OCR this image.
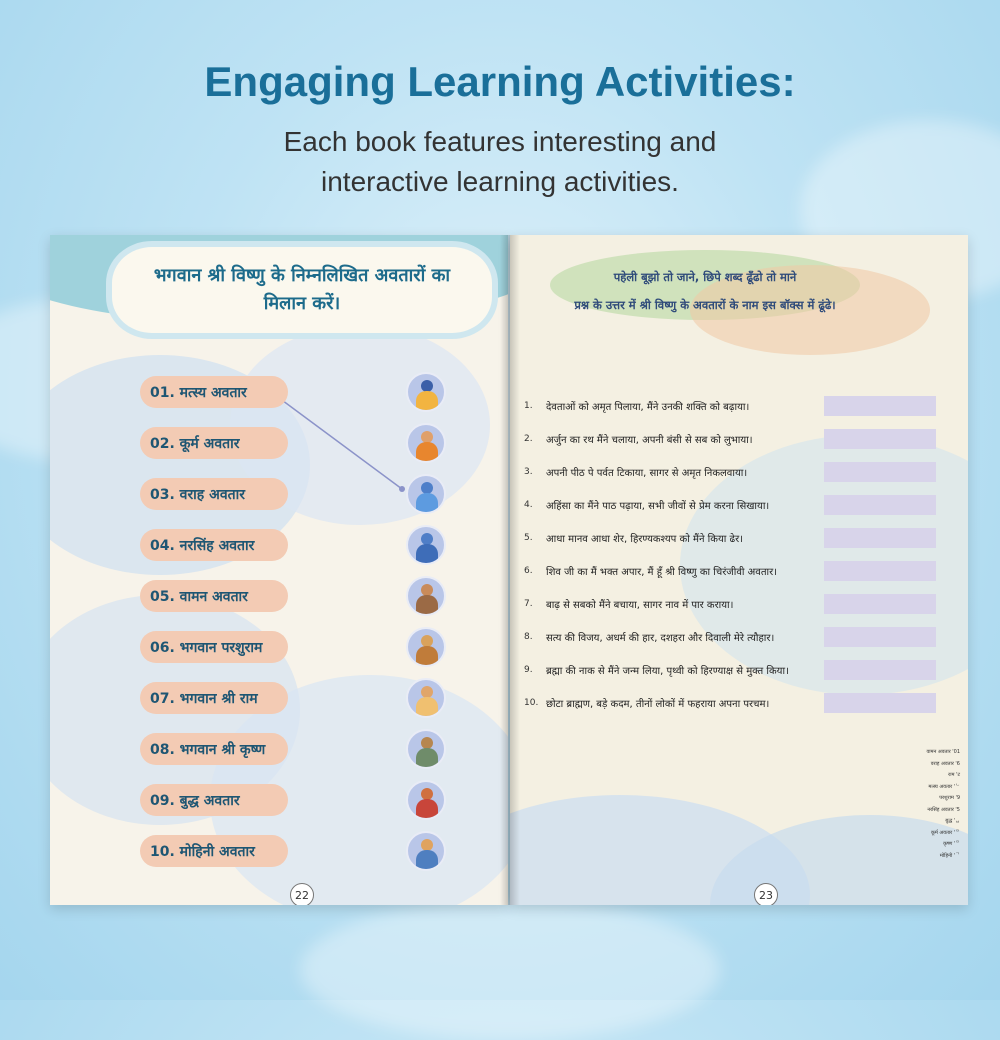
Engaging Learning Activities:
Each book features interesting and
interactive learning activities.
भगवान श्री विष्णु के निम्नलिखित अवतारों का
मिलान करें।
01. मत्स्य अवतार
02. कूर्म अवतार
03. वराह अवतार
04. नरसिंह अवतार
05. वामन अवतार
06. भगवान परशुराम
07. भगवान श्री राम
08. भगवान श्री कृष्ण
09. बुद्ध अवतार
10. मोहिनी अवतार
22
पहेली बूझो तो जाने, छिपे शब्द ढूँढो तो माने
प्रश्न के उत्तर में श्री विष्णु के अवतारों के नाम इस बॉक्स में ढूंढे।
1.	देवताओं को अमृत पिलाया, मैंने उनकी शक्ति को बढ़ाया।
2.	अर्जुन का रथ मैंने चलाया, अपनी बंसी से सब को लुभाया।
3.	अपनी पीठ पे पर्वत टिकाया, सागर से अमृत निकलवाया।
4.	अहिंसा का मैंने पाठ पढ़ाया, सभी जीवों से प्रेम करना सिखाया।
5.	आधा मानव आधा शेर, हिरण्यकश्यप को मैंने किया ढेर।
6.	शिव जी का मैं भक्त अपार, मैं हूँ श्री विष्णु का चिरंजीवी अवतार।
7.	बाढ़ से सबको मैंने बचाया, सागर नाव में पार कराया।
8.	सत्य की विजय, अधर्म की हार, दशहरा और दिवाली मेरे त्यौहार।
9.	ब्रह्मा की नाक से मैंने जन्म लिया, पृथ्वी को हिरण्याक्ष से मुक्त किया।
10. छोटा ब्राह्मण, बड़े कदम, तीनों लोकों में फहराया अपना परचम।
वामन अवतार '01
वराह अवतार '6
राम 'ट
मत्स्य अवतार 'ᄂ
परशुराम '9
नरसिंह अवतार '5
बुद्ध 'ᆸ
कूर्म अवतार 'ᄅ
कृष्ण 'ᄅ
मोहिनी 'ᄀ
23
